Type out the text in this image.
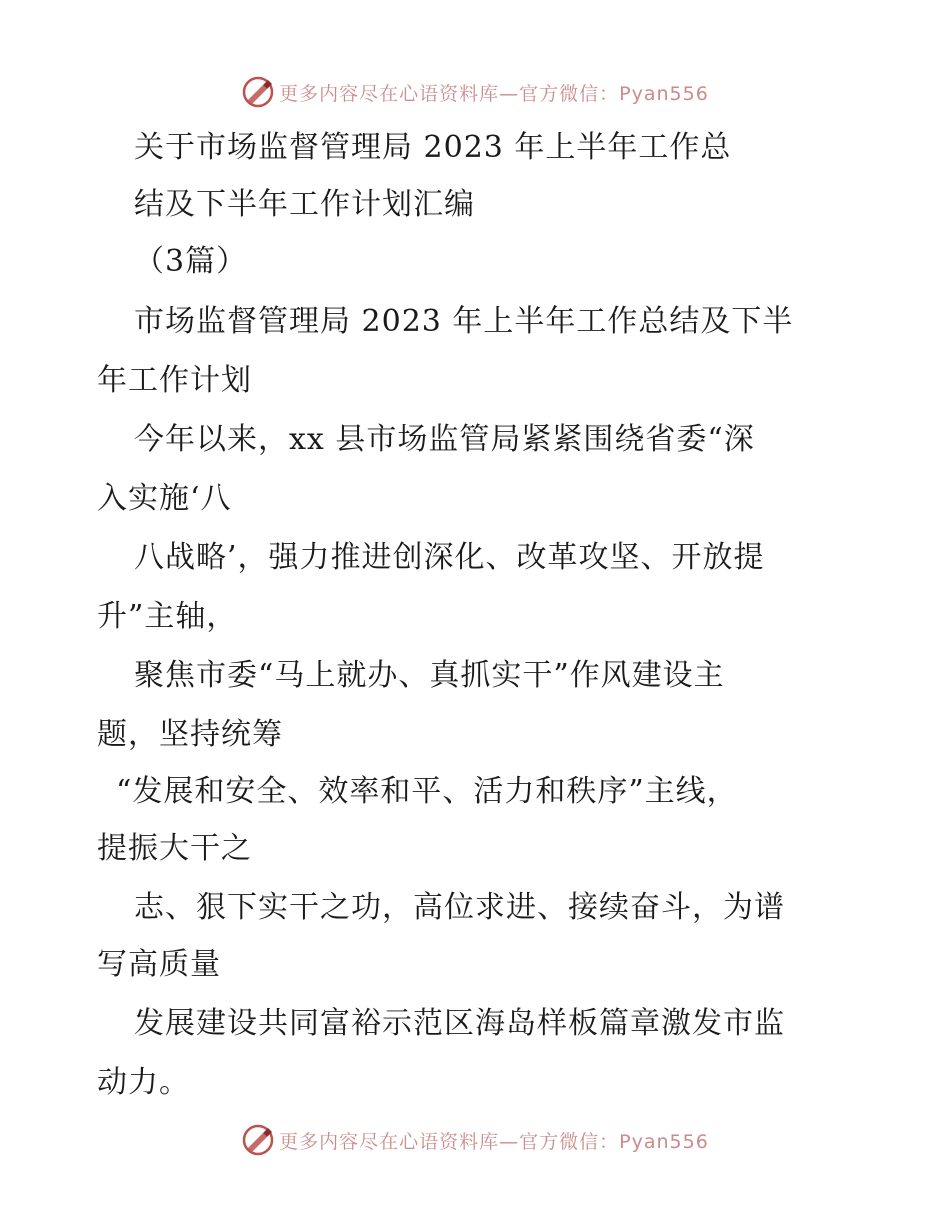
更多内容尽在心语资料库—官方微信：Pyan556
关于市场监督管理局 2023 年上半年工作总
结及下半年工作计划汇编
（3篇）
市场监督管理局 2023 年上半年工作总结及下半
年工作计划
今年以来，xx 县市场监管局紧紧围绕省委“深
入实施‘八
八战略’，强力推进创深化、改革攻坚、开放提
升”主轴，
聚焦市委“马上就办、真抓实干”作风建设主
题，坚持统筹
“发展和安全、效率和平、活力和秩序”主线，
提振大干之
志、狠下实干之功，高位求进、接续奋斗，为谱
写高质量
发展建设共同富裕示范区海岛样板篇章激发市监
动力。
更多内容尽在心语资料库—官方微信：Pyan556
